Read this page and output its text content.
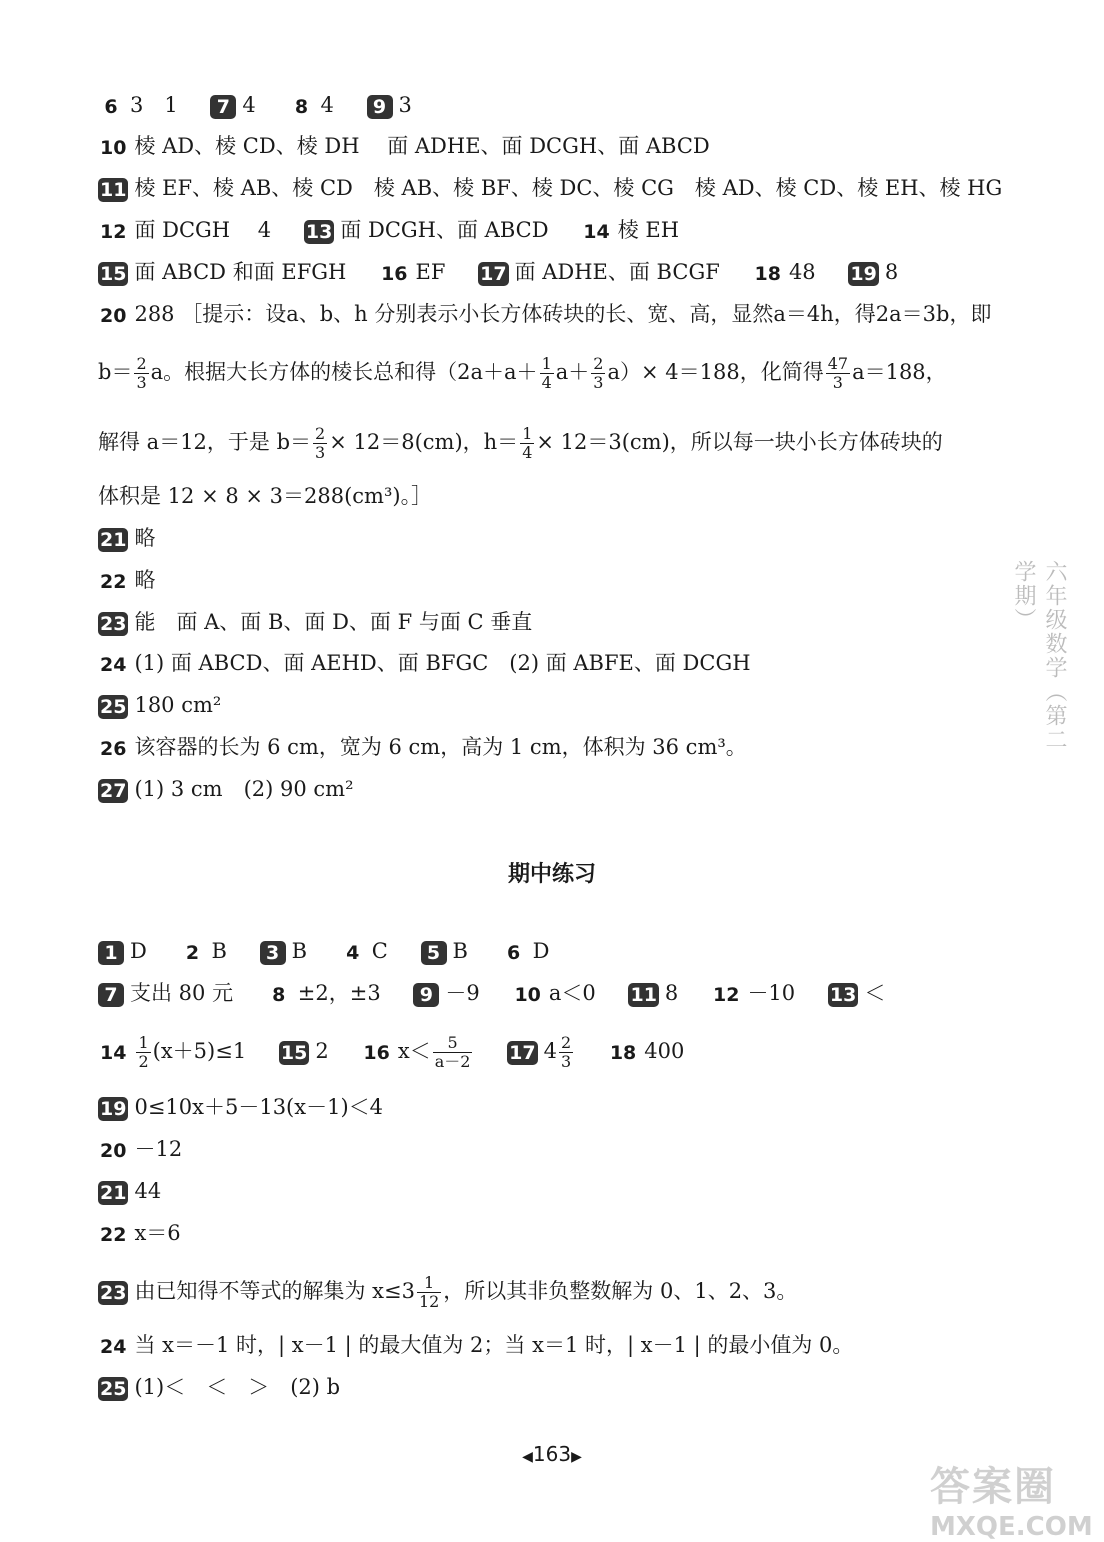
6 3　1 7 4 8 4 9 3
10 棱 AD、棱 CD、棱 DH　 面 ADHE、面 DCGH、面 ABCD
11 棱 EF、棱 AB、棱 CD　棱 AB、棱 BF、棱 DC、棱 CG　棱 AD、棱 CD、棱 EH、棱 HG
12 面 DCGH　 4 13 面 DCGH、面 ABCD 14 棱 EH
15 面 ABCD 和面 EFGH 16 EF 17 面 ADHE、面 BCGF 18 48 19 8
20 288 ［提示：设a、b、h 分别表示小长方体砖块的长、宽、高，显然a＝4h，得2a＝3b，即
$b= \frac{2}{3}$ a。根据大长方体的棱长总和得$(2a+a+ \frac{1}{4} a+ \frac{2}{3} a)\times 4=188$，化简得 $\frac{47}{3} a=188$，
解得 a＝12，于是 $b= \frac{2}{3} \times 12=8(cm)$，$h= \frac{1}{4} \times 12=3(cm)$，所以每一块小长方体砖块的
体积是 12 × 8 × 3＝288(cm³)。］
21 略
22 略
23 能　面 A、面 B、面 D、面 F 与面 C 垂直
24 (1) 面 ABCD、面 AEHD、面 BFGC　(2) 面 ABFE、面 DCGH
25 180 cm²
26 该容器的长为 6 cm，宽为 6 cm，高为 1 cm，体积为 36 cm³。
27 (1) 3 cm　(2) 90 cm²
期中练习
1 D 2 B 3 B 4 C 5 B 6 D
7 支出 80 元 8 ±2，±3 9 －9 10 a＜0 11 8 12 －10 13 ＜
$14 \frac{1}{2} (x+5)\le 1$ 15 2 16 $x< \frac{5}{a-2} 17$ $4 \frac{2}{3} 18$ 400
19 0≤10x＋5－13(x－1)＜4
20 －12
21 44
22 x＝6
23 由已知得不等式的解集为 $x\le 3 \frac{1}{12}$ ，所以其非负整数解为 0、1、2、3。
24 当 x＝－1 时，| x－1 | 的最大值为 2；当 x＝1 时，| x－1 | 的最小值为 0。
25 (1)＜　＜　＞　(2) b
◀163▶
六年级数学（第二学期）
答案圈
MXQE.COM
